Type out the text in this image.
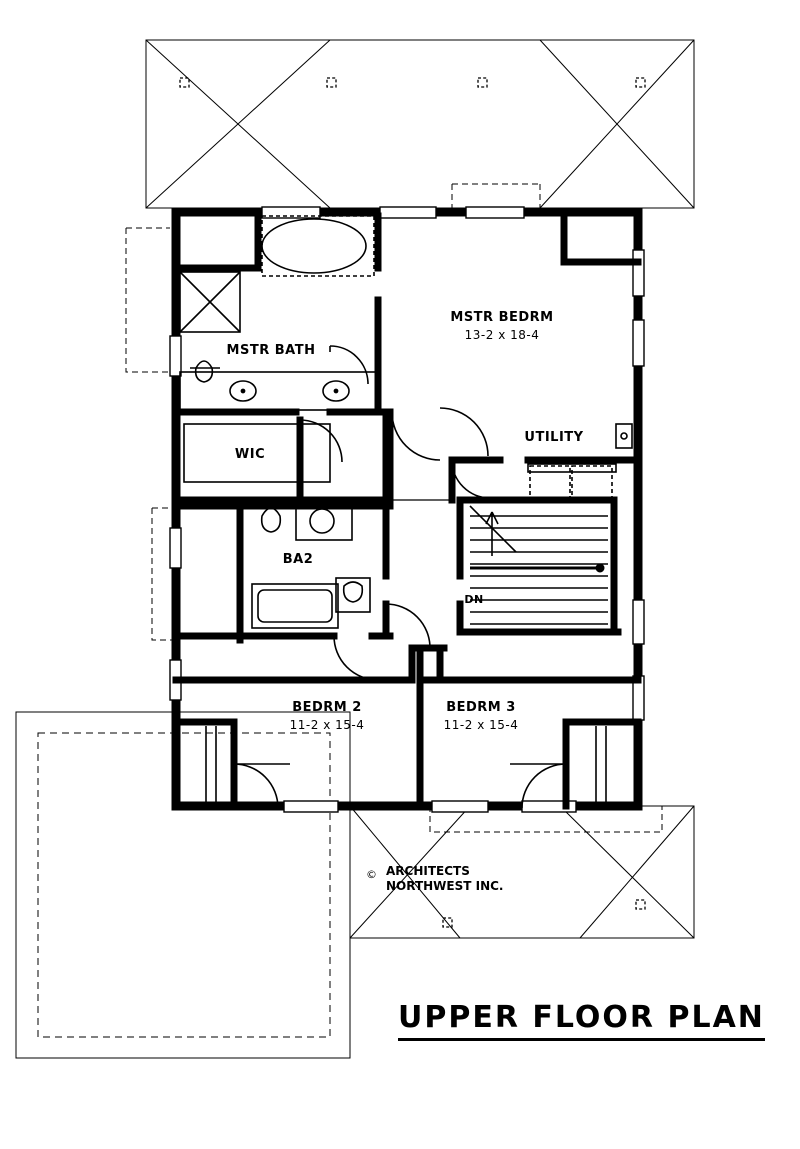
MSTR BEDRM
13-2 x 18-4
MSTR BATH
WIC
UTILITY
BA2
BEDRM 2
11-2 x 15-4
BEDRM 3
11-2 x 15-4
DN
© ARCHITECTS
NORTHWEST INC.
UPPER FLOOR PLAN
